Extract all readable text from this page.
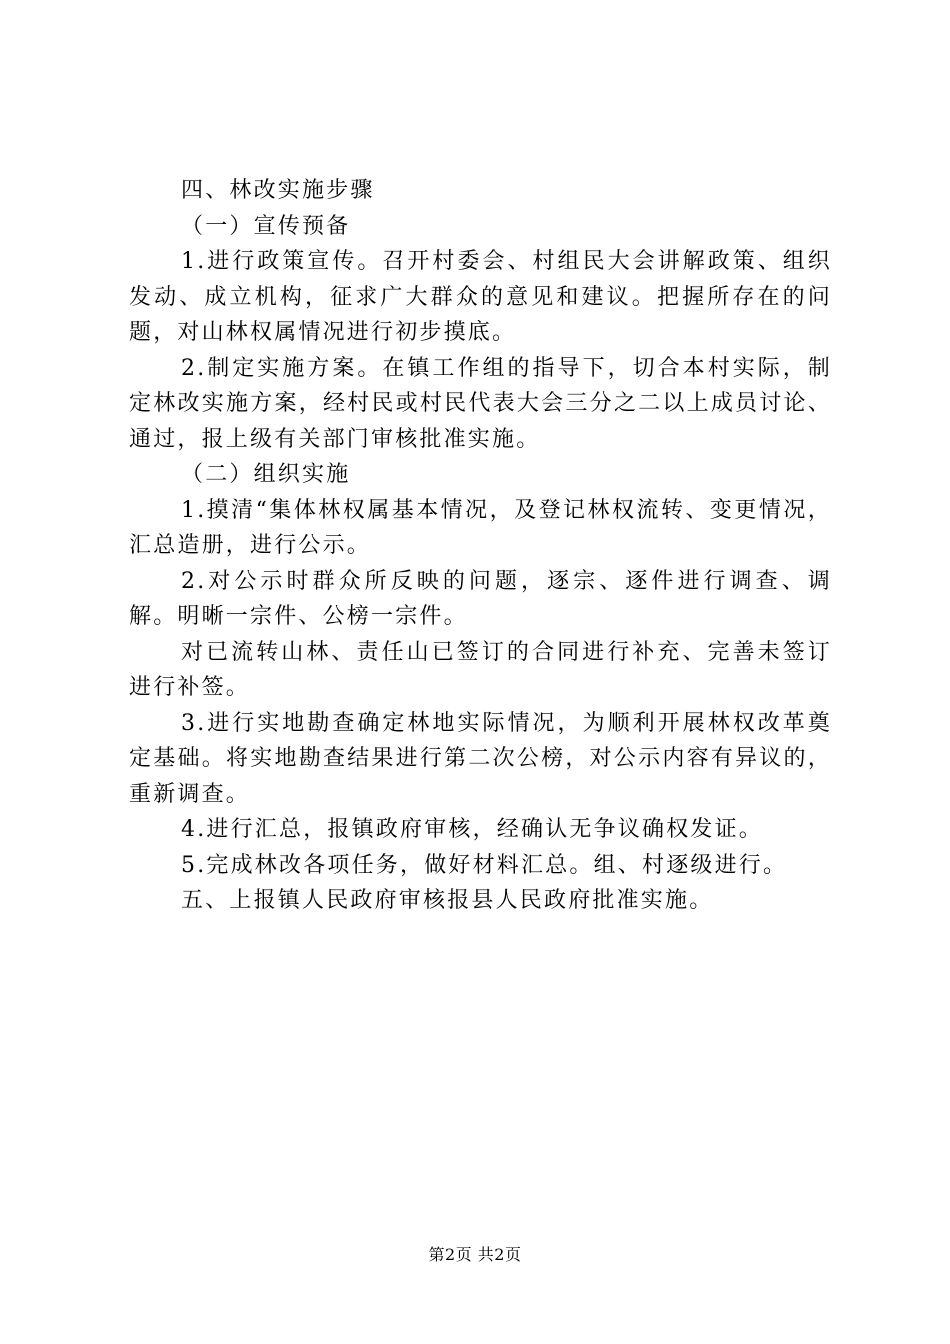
四、林改实施步骤

（一）宣传预备

1.进行政策宣传。召开村委会、村组民大会讲解政策、组织发动、成立机构，征求广大群众的意见和建议。把握所存在的问题，对山林权属情况进行初步摸底。

2.制定实施方案。在镇工作组的指导下，切合本村实际，制定林改实施方案，经村民或村民代表大会三分之二以上成员讨论、通过，报上级有关部门审核批准实施。

（二）组织实施

1.摸清“集体林权属基本情况，及登记林权流转、变更情况，汇总造册，进行公示。

2.对公示时群众所反映的问题，逐宗、逐件进行调查、调解。明晰一宗件、公榜一宗件。

对已流转山林、责任山已签订的合同进行补充、完善未签订进行补签。

3.进行实地勘查确定林地实际情况，为顺利开展林权改革奠定基础。将实地勘查结果进行第二次公榜，对公示内容有异议的，重新调查。

4.进行汇总，报镇政府审核，经确认无争议确权发证。

5.完成林改各项任务，做好材料汇总。组、村逐级进行。

五、上报镇人民政府审核报县人民政府批准实施。

第2页 共2页
